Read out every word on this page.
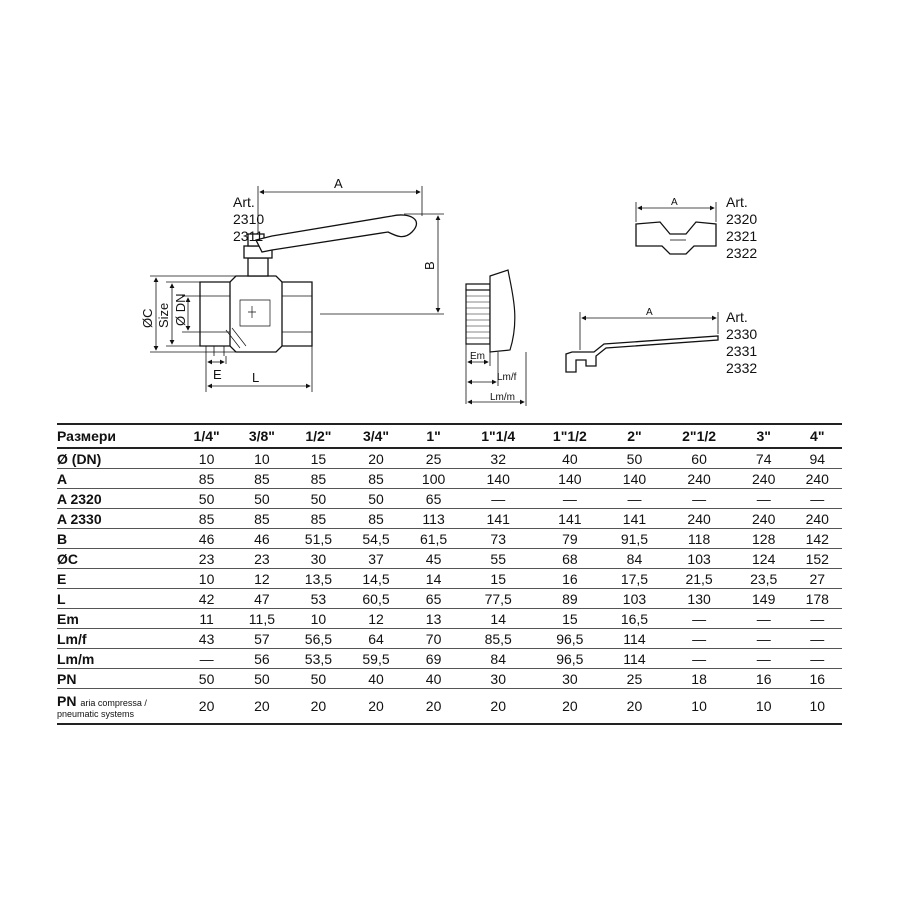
Art.
2310
2311
A
B
ØC Size Ø DN
E L
Em
Lm/f
Lm/m
A	Art.
2320
2321
2322
A	Art.
2330
2331
2332
Размери	1/4"	3/8"	1/2"	3/4"	1"	1"1/4	1"1/2	2"	2"1/2	3"	4"
Ø (DN)	10	10	15	20	25	32	40	50	60	74	94
A	85	85	85	85	100	140	140	140	240	240	240
A 2320	50	50	50	50	65	—	—	—	—	—	—
A 2330	85	85	85	85	113	141	141	141	240	240	240
B	46	46	51,5	54,5	61,5	73	79	91,5	118	128	142
ØC	23	23	30	37	45	55	68	84	103	124	152
E	10	12	13,5	14,5	14	15	16	17,5	21,5	23,5	27
L	42	47	53	60,5	65	77,5	89	103	130	149	178
Em	11	11,5	10	12	13	14	15	16,5	—	—	—
Lm/f	43	57	56,5	64	70	85,5	96,5	114	—	—	—
Lm/m	—	56	53,5	59,5	69	84	96,5	114	—	—	—
PN	50	50	50	40	40	30	30	25	18	16	16
PN aria compressa /
pneumatic systems	20	20	20	20	20	20	20	20	10	10	10
